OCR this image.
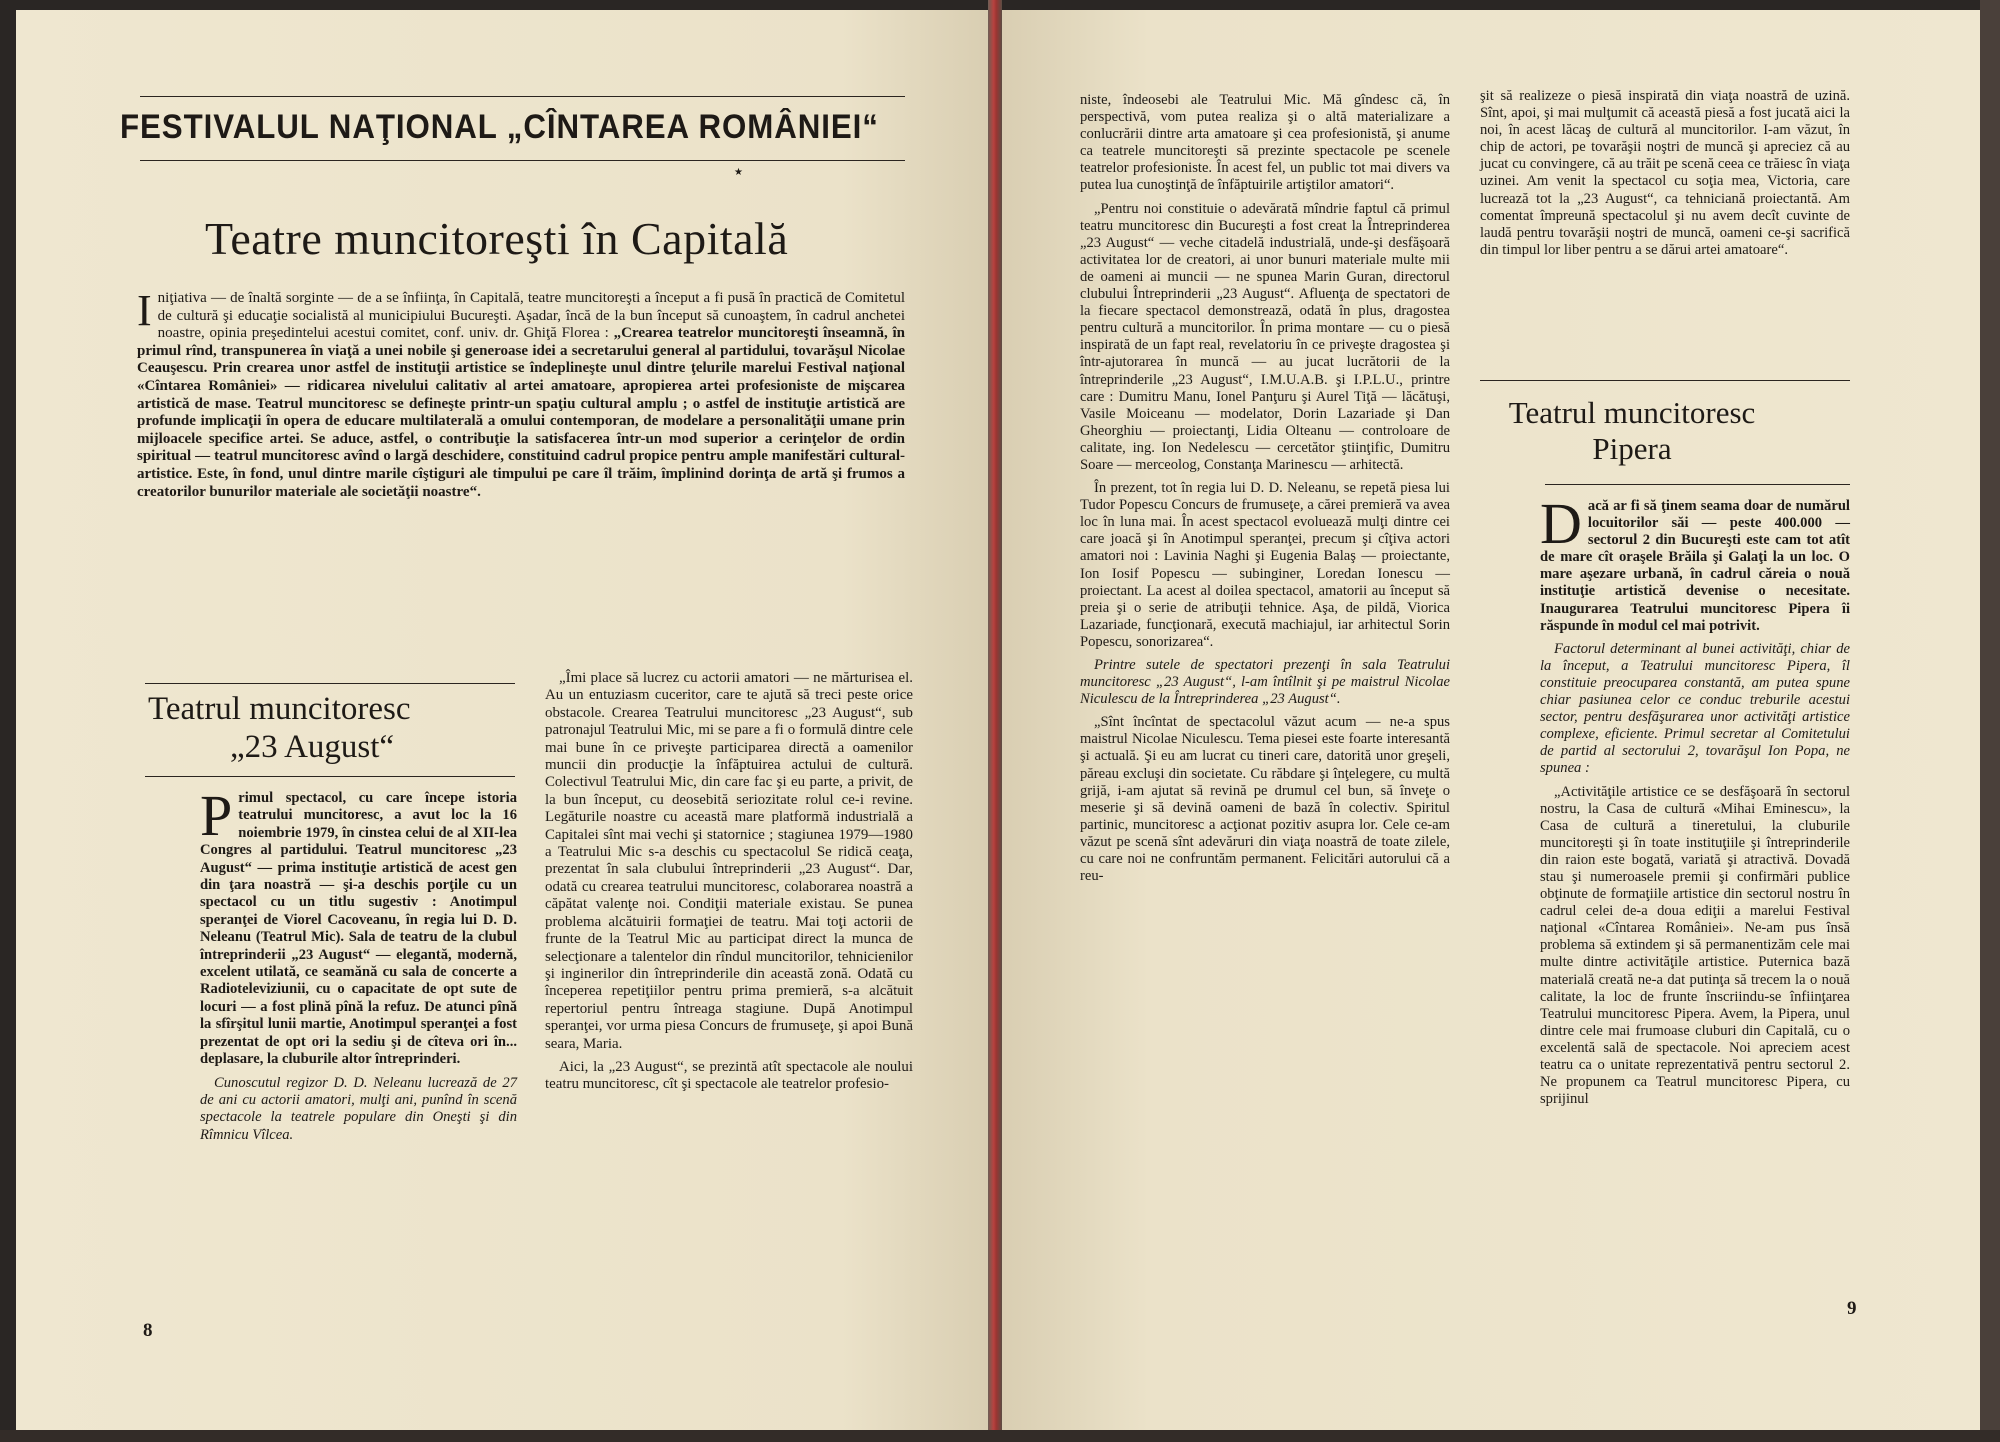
FESTIVALUL NAŢIONAL „CÎNTAREA ROMÂNIEI“
★
Teatre muncitoreşti în Capitală
I niţiativa — de înaltă sorginte — de a se înfiinţa, în Capitală, teatre muncitoreşti a început a fi pusă în practică de Comitetul de cultură şi educaţie socialistă al municipiului Bucureşti. Aşadar, încă de la bun început să cunoaştem, în cadrul anchetei noastre, opinia preşedintelui acestui comitet, conf. univ. dr. Ghiţă Florea : „Crearea teatrelor muncitoreşti înseamnă, în primul rînd, transpunerea în viaţă a unei nobile şi generoase idei a secretarului general al partidului, tovarăşul Nicolae Ceauşescu. Prin crearea unor astfel de instituţii artistice se îndeplineşte unul dintre ţelurile marelui Festival naţional «Cîntarea României» — ridicarea nivelului calitativ al artei amatoare, apropierea artei profesioniste de mişcarea artistică de mase. Teatrul muncitoresc se defineşte printr-un spaţiu cultural amplu ; o astfel de instituţie artistică are profunde implicaţii în opera de educare multilaterală a omului contemporan, de modelare a personalităţii umane prin mijloacele specifice artei. Se aduce, astfel, o contribuţie la satisfacerea într-un mod superior a cerinţelor de ordin spiritual — teatrul muncitoresc avînd o largă deschidere, constituind cadrul propice pentru ample manifestări cultural-artistice. Este, în fond, unul dintre marile cîştiguri ale timpului pe care îl trăim, împlinind dorinţa de artă şi frumos a creatorilor bunurilor materiale ale societăţii noastre“.
Teatrul muncitoresc
„23 August“

P rimul spectacol, cu care începe istoria teatrului muncitoresc, a avut loc la 16 noiembrie 1979, în cinstea celui de al XII-lea Congres al partidului. Teatrul muncitoresc „23 August“ — prima instituţie artistică de acest gen din ţara noastră — şi-a deschis porţile cu un spectacol cu un titlu sugestiv : Anotimpul speranţei de Viorel Cacoveanu, în regia lui D. D. Neleanu (Teatrul Mic). Sala de teatru de la clubul întreprinderii „23 August“ — elegantă, modernă, excelent utilată, ce seamănă cu sala de concerte a Radioteleviziunii, cu o capacitate de opt sute de locuri — a fost plină pînă la refuz. De atunci pînă la sfîrşitul lunii martie, Anotimpul speranţei a fost prezentat de opt ori la sediu şi de cîteva ori în... deplasare, la cluburile altor întreprinderi.

Cunoscutul regizor D. D. Neleanu lucrează de 27 de ani cu actorii amatori, mulţi ani, punînd în scenă spectacole la teatrele populare din Oneşti şi din Rîmnicu Vîlcea.

„Îmi place să lucrez cu actorii amatori — ne mărturisea el. Au un entuziasm cuceritor, care te ajută să treci peste orice obstacole. Crearea Teatrului muncitoresc „23 August“, sub patronajul Teatrului Mic, mi se pare a fi o formulă dintre cele mai bune în ce priveşte participarea directă a oamenilor muncii din producţie la înfăptuirea actului de cultură. Colectivul Teatrului Mic, din care fac şi eu parte, a privit, de la bun început, cu deosebită seriozitate rolul ce-i revine. Legăturile noastre cu această mare platformă industrială a Capitalei sînt mai vechi şi statornice ; stagiunea 1979—1980 a Teatrului Mic s-a deschis cu spectacolul Se ridică ceaţa, prezentat în sala clubului întreprinderii „23 August“. Dar, odată cu crearea teatrului muncitoresc, colaborarea noastră a căpătat valenţe noi. Condiţii materiale existau. Se punea problema alcătuirii formaţiei de teatru. Mai toţi actorii de frunte de la Teatrul Mic au participat direct la munca de selecţionare a talentelor din rîndul muncitorilor, tehnicienilor şi inginerilor din întreprinderile din această zonă. Odată cu începerea repetiţiilor pentru prima premieră, s-a alcătuit repertoriul pentru întreaga stagiune. După Anotimpul speranţei, vor urma piesa Concurs de frumuseţe, şi apoi Bună seara, Maria.

Aici, la „23 August“, se prezintă atît spectacole ale noului teatru muncitoresc, cît şi spectacole ale teatrelor profesio-

8

niste, îndeosebi ale Teatrului Mic. Mă gîndesc că, în perspectivă, vom putea realiza şi o altă materializare a conlucrării dintre arta amatoare şi cea profesionistă, şi anume ca teatrele muncitoreşti să prezinte spectacole pe scenele teatrelor profesioniste. În acest fel, un public tot mai divers va putea lua cunoştinţă de înfăptuirile artiştilor amatori“.

„Pentru noi constituie o adevărată mîndrie faptul că primul teatru muncitoresc din Bucureşti a fost creat la Întreprinderea „23 August“ — veche citadelă industrială, unde-şi desfăşoară activitatea lor de creatori, ai unor bunuri materiale multe mii de oameni ai muncii — ne spunea Marin Guran, directorul clubului Întreprinderii „23 August“. Afluenţa de spectatori de la fiecare spectacol demonstrează, odată în plus, dragostea pentru cultură a muncitorilor. În prima montare — cu o piesă inspirată de un fapt real, revelatoriu în ce priveşte dragostea şi într-ajutorarea în muncă — au jucat lucrătorii de la întreprinderile „23 August“, I.M.U.A.B. şi I.P.L.U., printre care : Dumitru Manu, Ionel Panţuru şi Aurel Tiţă — lăcătuşi, Vasile Moiceanu — modelator, Dorin Lazariade şi Dan Gheorghiu — proiectanţi, Lidia Olteanu — controloare de calitate, ing. Ion Nedelescu — cercetător ştiinţific, Dumitru Soare — merceolog, Constanţa Marinescu — arhitectă.

În prezent, tot în regia lui D. D. Neleanu, se repetă piesa lui Tudor Popescu Concurs de frumuseţe, a cărei premieră va avea loc în luna mai. În acest spectacol evoluează mulţi dintre cei care joacă şi în Anotimpul speranţei, precum şi cîţiva actori amatori noi : Lavinia Naghi şi Eugenia Balaş — proiectante, Ion Iosif Popescu — subinginer, Loredan Ionescu — proiectant. La acest al doilea spectacol, amatorii au început să preia şi o serie de atribuţii tehnice. Aşa, de pildă, Viorica Lazariade, funcţionară, execută machiajul, iar arhitectul Sorin Popescu, sonorizarea“.

Printre sutele de spectatori prezenţi în sala Teatrului muncitoresc „23 August“, l-am întîlnit şi pe maistrul Nicolae Niculescu de la Întreprinderea „23 August“.

„Sînt încîntat de spectacolul văzut acum — ne-a spus maistrul Nicolae Niculescu. Tema piesei este foarte interesantă şi actuală. Şi eu am lucrat cu tineri care, datorită unor greşeli, păreau excluşi din societate. Cu răbdare şi înţelegere, cu multă grijă, i-am ajutat să revină pe drumul cel bun, să înveţe o meserie şi să devină oameni de bază în colectiv. Spiritul partinic, muncitoresc a acţionat pozitiv asupra lor. Cele ce-am văzut pe scenă sînt adevăruri din viaţa noastră de toate zilele, cu care noi ne confruntăm permanent. Felicitări autorului că a reu-

şit să realizeze o piesă inspirată din viaţa noastră de uzină. Sînt, apoi, şi mai mulţumit că această piesă a fost jucată aici la noi, în acest lăcaş de cultură al muncitorilor. I-am văzut, în chip de actori, pe tovarăşii noştri de muncă şi apreciez că au jucat cu convingere, că au trăit pe scenă ceea ce trăiesc în viaţa uzinei. Am venit la spectacol cu soţia mea, Victoria, care lucrează tot la „23 August“, ca tehniciană proiectantă. Am comentat împreună spectacolul şi nu avem decît cuvinte de laudă pentru tovarăşii noştri de muncă, oameni ce-şi sacrifică din timpul lor liber pentru a se dărui artei amatoare“.

Teatrul muncitoresc
Pipera

D acă ar fi să ţinem seama doar de numărul locuitorilor săi — peste 400.000 — sectorul 2 din Bucureşti este cam tot atît de mare cît oraşele Brăila şi Galaţi la un loc. O mare aşezare urbană, în cadrul căreia o nouă instituţie artistică devenise o necesitate. Inaugurarea Teatrului muncitoresc Pipera îi răspunde în modul cel mai potrivit.

Factorul determinant al bunei activităţi, chiar de la început, a Teatrului muncitoresc Pipera, îl constituie preocuparea constantă, am putea spune chiar pasiunea celor ce conduc treburile acestui sector, pentru desfăşurarea unor activităţi artistice complexe, eficiente. Primul secretar al Comitetului de partid al sectorului 2, tovarăşul Ion Popa, ne spunea :

„Activităţile artistice ce se desfăşoară în sectorul nostru, la Casa de cultură «Mihai Eminescu», la Casa de cultură a tineretului, la cluburile muncitoreşti şi în toate instituţiile şi întreprinderile din raion este bogată, variată şi atractivă. Dovadă stau şi numeroasele premii şi confirmări publice obţinute de formaţiile artistice din sectorul nostru în cadrul celei de-a doua ediţii a marelui Festival naţional «Cîntarea României». Ne-am pus însă problema să extindem şi să permanentizăm cele mai multe dintre activităţile artistice. Puternica bază materială creată ne-a dat putinţa să trecem la o nouă calitate, la loc de frunte înscriindu-se înfiinţarea Teatrului muncitoresc Pipera. Avem, la Pipera, unul dintre cele mai frumoase cluburi din Capitală, cu o excelentă sală de spectacole. Noi apreciem acest teatru ca o unitate reprezentativă pentru sectorul 2. Ne propunem ca Teatrul muncitoresc Pipera, cu sprijinul

9
